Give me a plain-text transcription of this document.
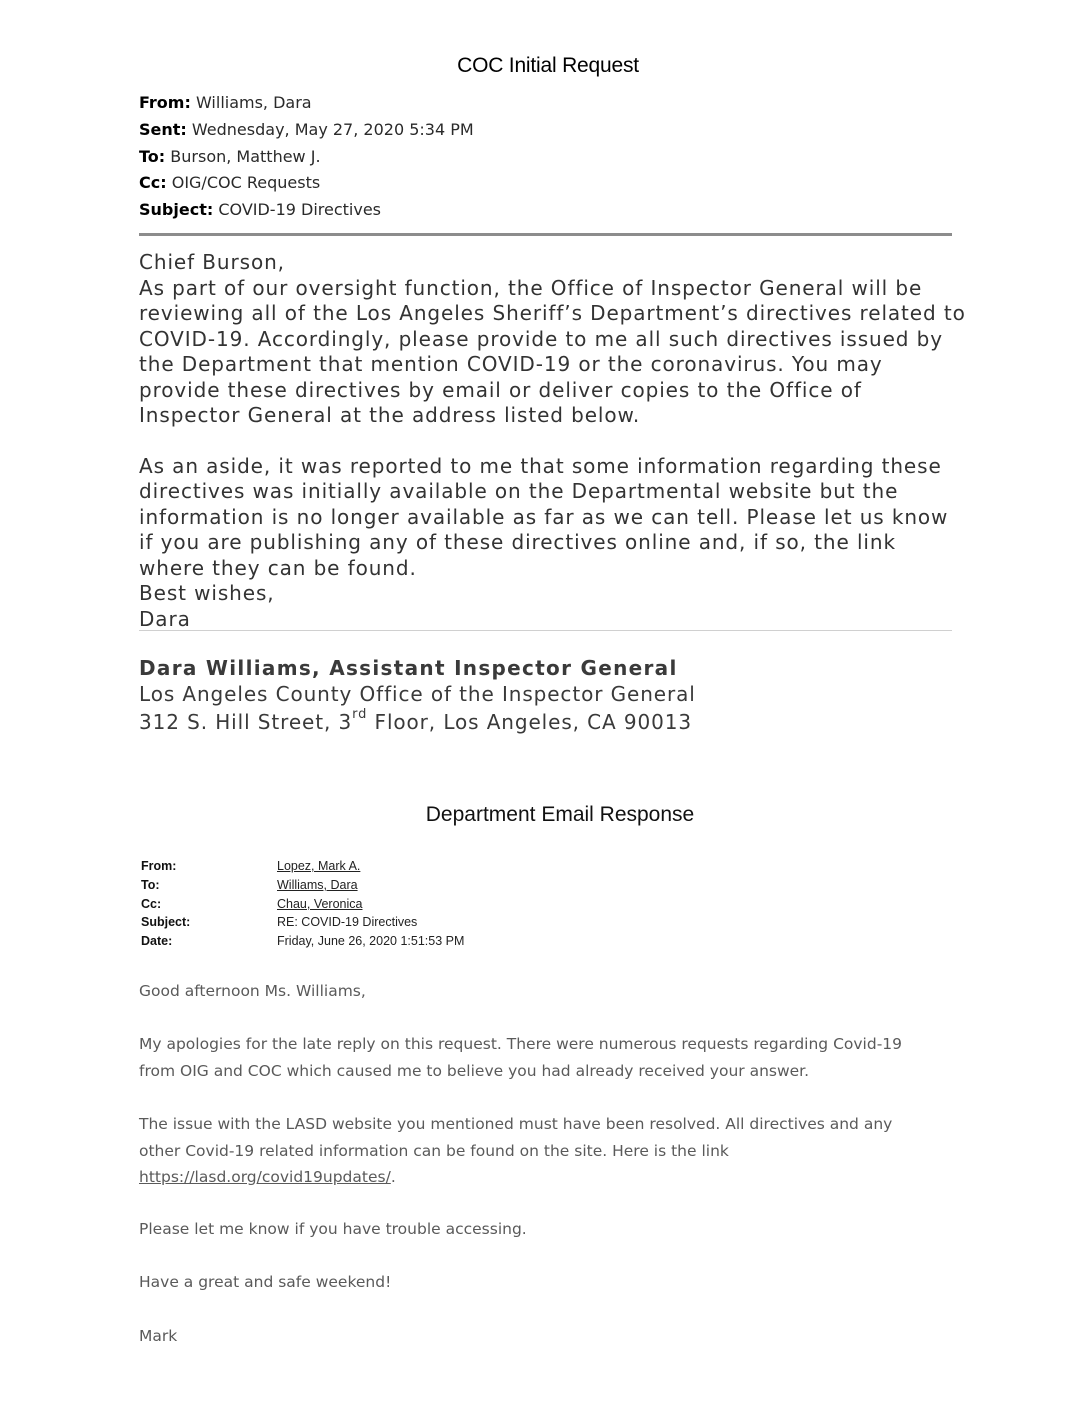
COC Initial Request
From: Williams, Dara
Sent: Wednesday, May 27, 2020 5:34 PM
To: Burson, Matthew J.
Cc: OIG/COC Requests
Subject: COVID-19 Directives
Chief Burson,
As part of our oversight function, the Office of Inspector General will be
reviewing all of the Los Angeles Sheriff’s Department’s directives related to
COVID-19. Accordingly, please provide to me all such directives issued by
the Department that mention COVID-19 or the coronavirus. You may
provide these directives by email or deliver copies to the Office of
Inspector General at the address listed below.
As an aside, it was reported to me that some information regarding these
directives was initially available on the Departmental website but the
information is no longer available as far as we can tell. Please let us know
if you are publishing any of these directives online and, if so, the link
where they can be found.
Best wishes,
Dara
Dara Williams, Assistant Inspector General
Los Angeles County Office of the Inspector General
312 S. Hill Street, 3rd Floor, Los Angeles, CA 90013
Department Email Response
From:	Lopez, Mark A.
To:	Williams, Dara
Cc:	Chau, Veronica
Subject:	RE: COVID-19 Directives
Date:	Friday, June 26, 2020 1:51:53 PM
Good afternoon Ms. Williams,
My apologies for the late reply on this request. There were numerous requests regarding Covid-19
from OIG and COC which caused me to believe you had already received your answer.
The issue with the LASD website you mentioned must have been resolved. All directives and any
other Covid-19 related information can be found on the site. Here is the link
https://lasd.org/covid19updates/.
Please let me know if you have trouble accessing.
Have a great and safe weekend!
Mark
